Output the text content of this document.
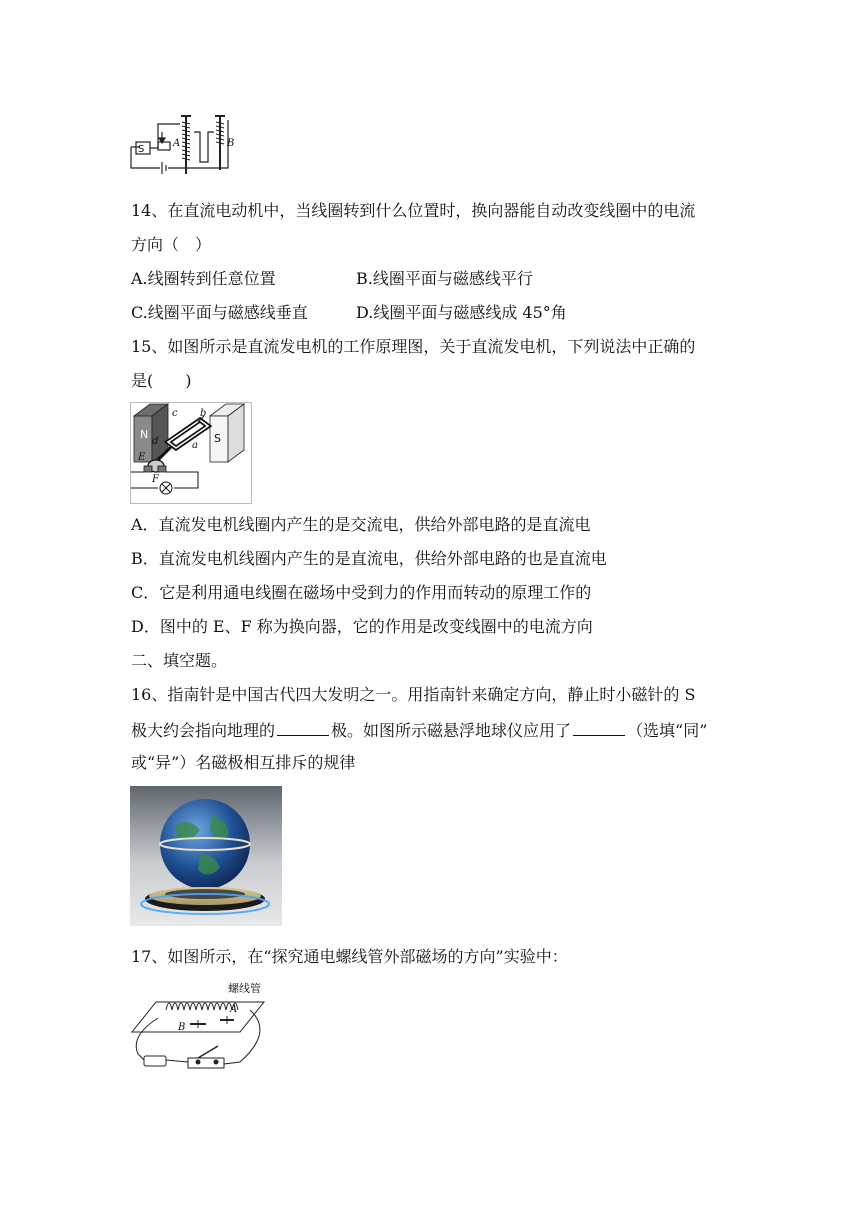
S
A	B
14、在直流电动机中，当线圈转到什么位置时，换向器能自动改变线圈中的电流
方向（　）
A.线圈转到任意位置	B.线圈平面与磁感线平行
C.线圈平面与磁感线垂直	D.线圈平面与磁感线成 45°角
15、如图所示是直流发电机的工作原理图，关于直流发电机，下列说法中正确的
是(　　)
N	S
a
b
c
d
E
F
A．直流发电机线圈内产生的是交流电，供给外部电路的是直流电
B．直流发电机线圈内产生的是直流电，供给外部电路的也是直流电
C．它是利用通电线圈在磁场中受到力的作用而转动的原理工作的
D．图中的 E、F 称为换向器，它的作用是改变线圈中的电流方向
二、填空题。
16、指南针是中国古代四大发明之一。用指南针来确定方向，静止时小磁针的 S
极大约会指向地理的	极。如图所示磁悬浮地球仪应用了	（选填“同”
或“异”）名磁极相互排斥的规律
17、如图所示，在“探究通电螺线管外部磁场的方向”实验中：
螺线管
B
A
